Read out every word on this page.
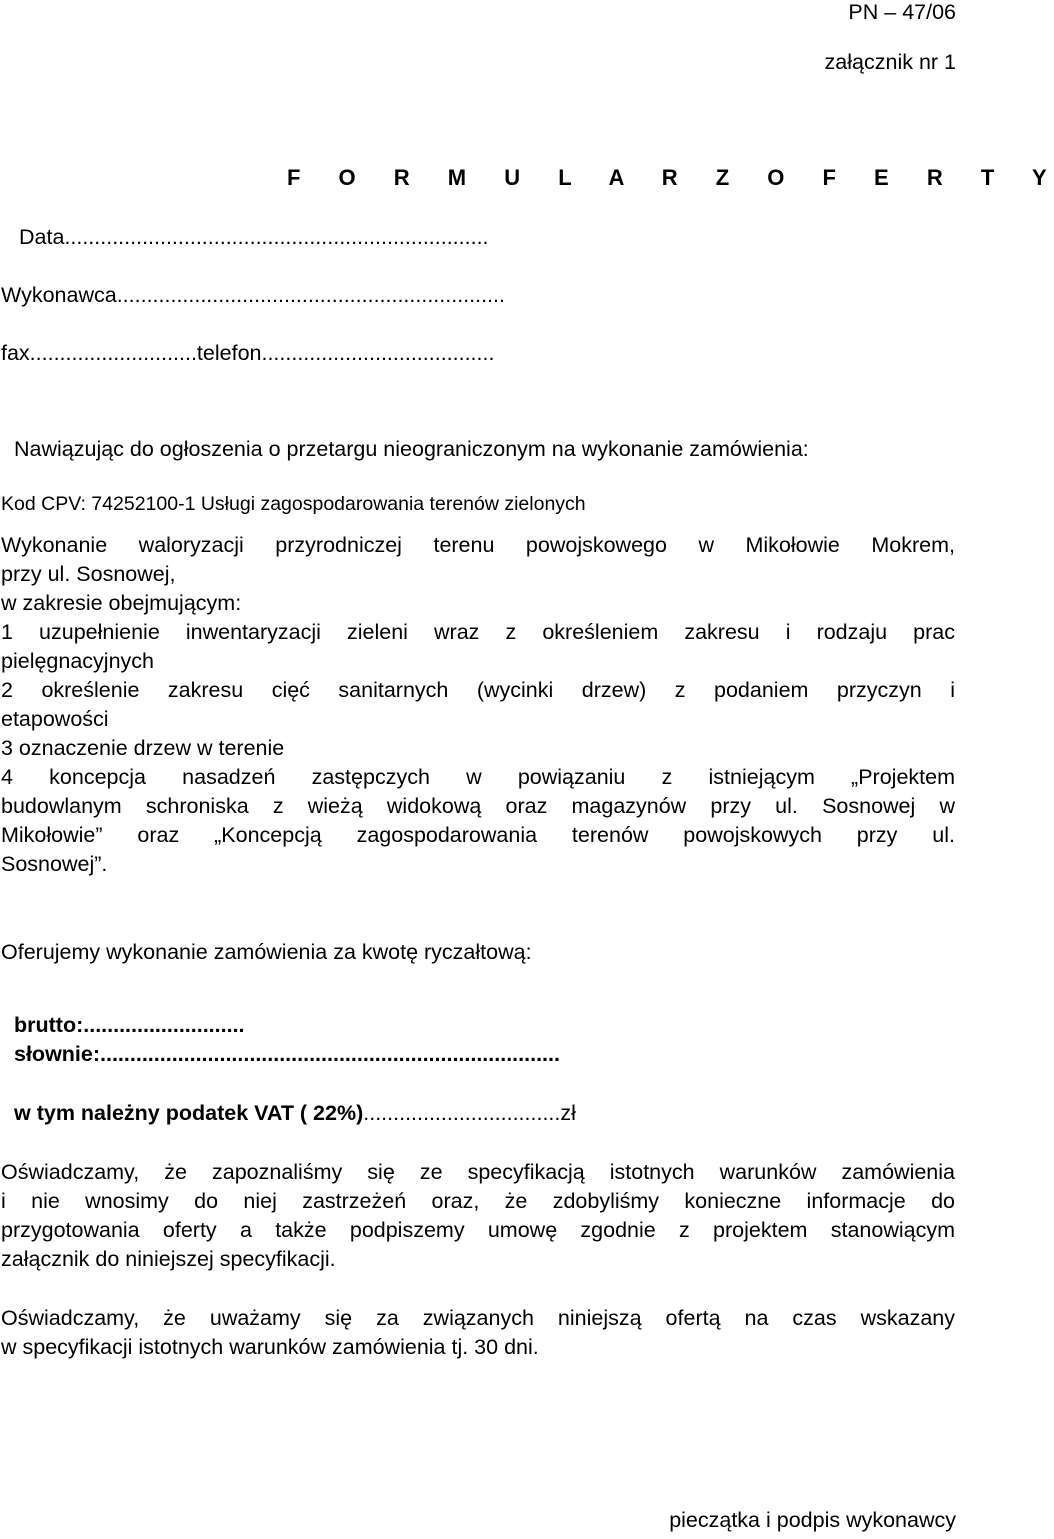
PN – 47/06
załącznik nr 1
F O R M U L A R Z O F E R T Y
Data.......................................................................
Wykonawca.................................................................
fax............................telefon.......................................
Nawiązując do ogłoszenia o przetargu nieograniczonym na wykonanie zamówienia:
Kod CPV: 74252100-1 Usługi zagospodarowania terenów zielonych
Wykonanie waloryzacji przyrodniczej terenu powojskowego w Mikołowie Mokrem,
przy ul. Sosnowej,
w zakresie obejmującym:
1 uzupełnienie inwentaryzacji zieleni wraz z określeniem zakresu i rodzaju prac
pielęgnacyjnych
2 określenie zakresu cięć sanitarnych (wycinki drzew) z podaniem przyczyn i
etapowości
3 oznaczenie drzew w terenie
4 koncepcja nasadzeń zastępczych w powiązaniu z istniejącym „Projektem
budowlanym schroniska z wieżą widokową oraz magazynów przy ul. Sosnowej w
Mikołowie” oraz „Koncepcją zagospodarowania terenów powojskowych przy ul.
Sosnowej”.
Oferujemy wykonanie zamówienia za kwotę ryczałtową:
brutto:...........................
słownie:.............................................................................
w tym należny podatek VAT ( 22%).................................zł
Oświadczamy, że zapoznaliśmy się ze specyfikacją istotnych warunków zamówienia
i nie wnosimy do niej zastrzeżeń oraz, że zdobyliśmy konieczne informacje do
przygotowania oferty a także podpiszemy umowę zgodnie z projektem stanowiącym
załącznik do niniejszej specyfikacji.
Oświadczamy, że uważamy się za związanych niniejszą ofertą na czas wskazany
w specyfikacji istotnych warunków zamówienia tj. 30 dni.
pieczątka i podpis wykonawcy
